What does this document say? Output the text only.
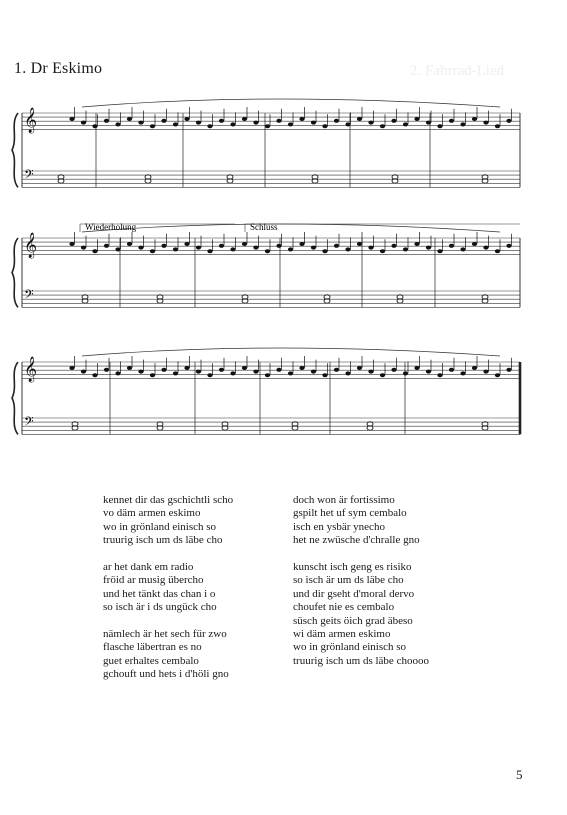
1. Dr Eskimo	2. Fahrrad-Lied
𝄞
𝄢
𝄞
𝄢
𝄞
𝄢
Wiederholung	Schluss
kennet dir das gschichtli scho
vo däm armen eskimo
wo in grönland einisch so
truurig isch um ds läbe cho
ar het dank em radio
fröid ar musig übercho
und het tänkt das chan i o
so isch är i ds ungück cho
nämlech är het sech für zwo
flasche läbertran es no
guet erhaltes cembalo
gchouft und hets i d'höli gno
doch won är fortissimo
gspilt het uf sym cembalo
isch en ysbär ynecho
het ne zwüsche d'chralle gno
kunscht isch geng es risiko
so isch är um ds läbe cho
und dir gseht d'moral dervo
choufet nie es cembalo
süsch geits öich grad äbeso
wi däm armen eskimo
wo in grönland einisch so
truurig isch um ds läbe choooo
5
